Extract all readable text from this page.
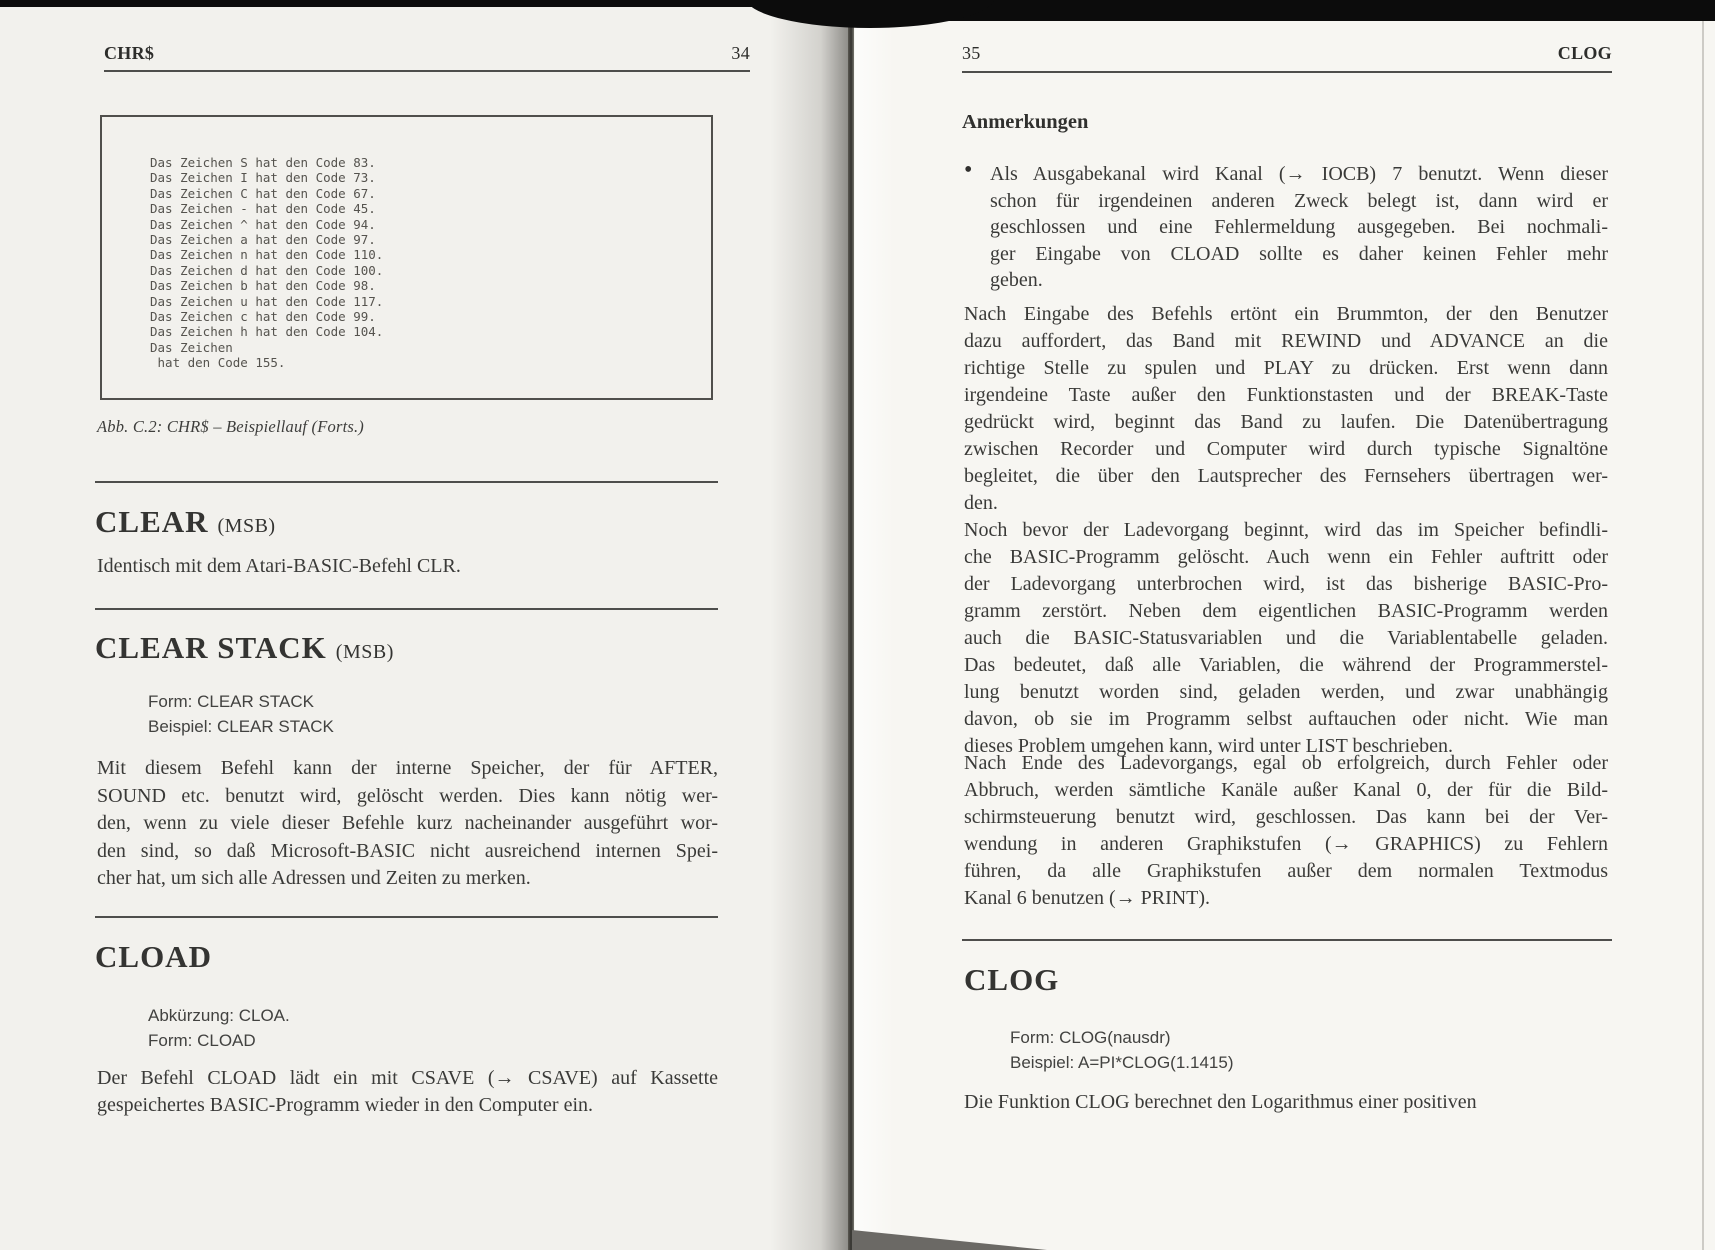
CHR$	34
Das Zeichen S hat den Code 83.
Das Zeichen I hat den Code 73.
Das Zeichen C hat den Code 67.
Das Zeichen - hat den Code 45.
Das Zeichen ^ hat den Code 94.
Das Zeichen a hat den Code 97.
Das Zeichen n hat den Code 110.
Das Zeichen d hat den Code 100.
Das Zeichen b hat den Code 98.
Das Zeichen u hat den Code 117.
Das Zeichen c hat den Code 99.
Das Zeichen h hat den Code 104.
Das Zeichen
hat den Code 155.
Abb. C.2: CHR$ – Beispiellauf (Forts.)
CLEAR (MSB)
Identisch mit dem Atari-BASIC-Befehl CLR.
CLEAR STACK (MSB)
Form: CLEAR STACK
Beispiel: CLEAR STACK
Mit diesem Befehl kann der interne Speicher, der für AFTER,
SOUND etc. benutzt wird, gelöscht werden. Dies kann nötig wer-
den, wenn zu viele dieser Befehle kurz nacheinander ausgeführt wor-
den sind, so daß Microsoft-BASIC nicht ausreichend internen Spei-
cher hat, um sich alle Adressen und Zeiten zu merken.
CLOAD
Abkürzung: CLOA.
Form: CLOAD
Der Befehl CLOAD lädt ein mit CSAVE (→ CSAVE) auf Kassette
gespeichertes BASIC-Programm wieder in den Computer ein.
35	CLOG
Anmerkungen
• Als Ausgabekanal wird Kanal (→ IOCB) 7 benutzt. Wenn dieser
schon für irgendeinen anderen Zweck belegt ist, dann wird er
geschlossen und eine Fehlermeldung ausgegeben. Bei nochmali-
ger Eingabe von CLOAD sollte es daher keinen Fehler mehr
geben.
Nach Eingabe des Befehls ertönt ein Brummton, der den Benutzer
dazu auffordert, das Band mit REWIND und ADVANCE an die
richtige Stelle zu spulen und PLAY zu drücken. Erst wenn dann
irgendeine Taste außer den Funktionstasten und der BREAK-Taste
gedrückt wird, beginnt das Band zu laufen. Die Datenübertragung
zwischen Recorder und Computer wird durch typische Signaltöne
begleitet, die über den Lautsprecher des Fernsehers übertragen wer-
den.
Noch bevor der Ladevorgang beginnt, wird das im Speicher befindli-
che BASIC-Programm gelöscht. Auch wenn ein Fehler auftritt oder
der Ladevorgang unterbrochen wird, ist das bisherige BASIC-Pro-
gramm zerstört. Neben dem eigentlichen BASIC-Programm werden
auch die BASIC-Statusvariablen und die Variablentabelle geladen.
Das bedeutet, daß alle Variablen, die während der Programmerstel-
lung benutzt worden sind, geladen werden, und zwar unabhängig
davon, ob sie im Programm selbst auftauchen oder nicht. Wie man
dieses Problem umgehen kann, wird unter LIST beschrieben.
Nach Ende des Ladevorgangs, egal ob erfolgreich, durch Fehler oder
Abbruch, werden sämtliche Kanäle außer Kanal 0, der für die Bild-
schirmsteuerung benutzt wird, geschlossen. Das kann bei der Ver-
wendung in anderen Graphikstufen (→ GRAPHICS) zu Fehlern
führen, da alle Graphikstufen außer dem normalen Textmodus
Kanal 6 benutzen (→ PRINT).
CLOG
Form: CLOG(nausdr)
Beispiel: A=PI*CLOG(1.1415)
Die Funktion CLOG berechnet den Logarithmus einer positiven
